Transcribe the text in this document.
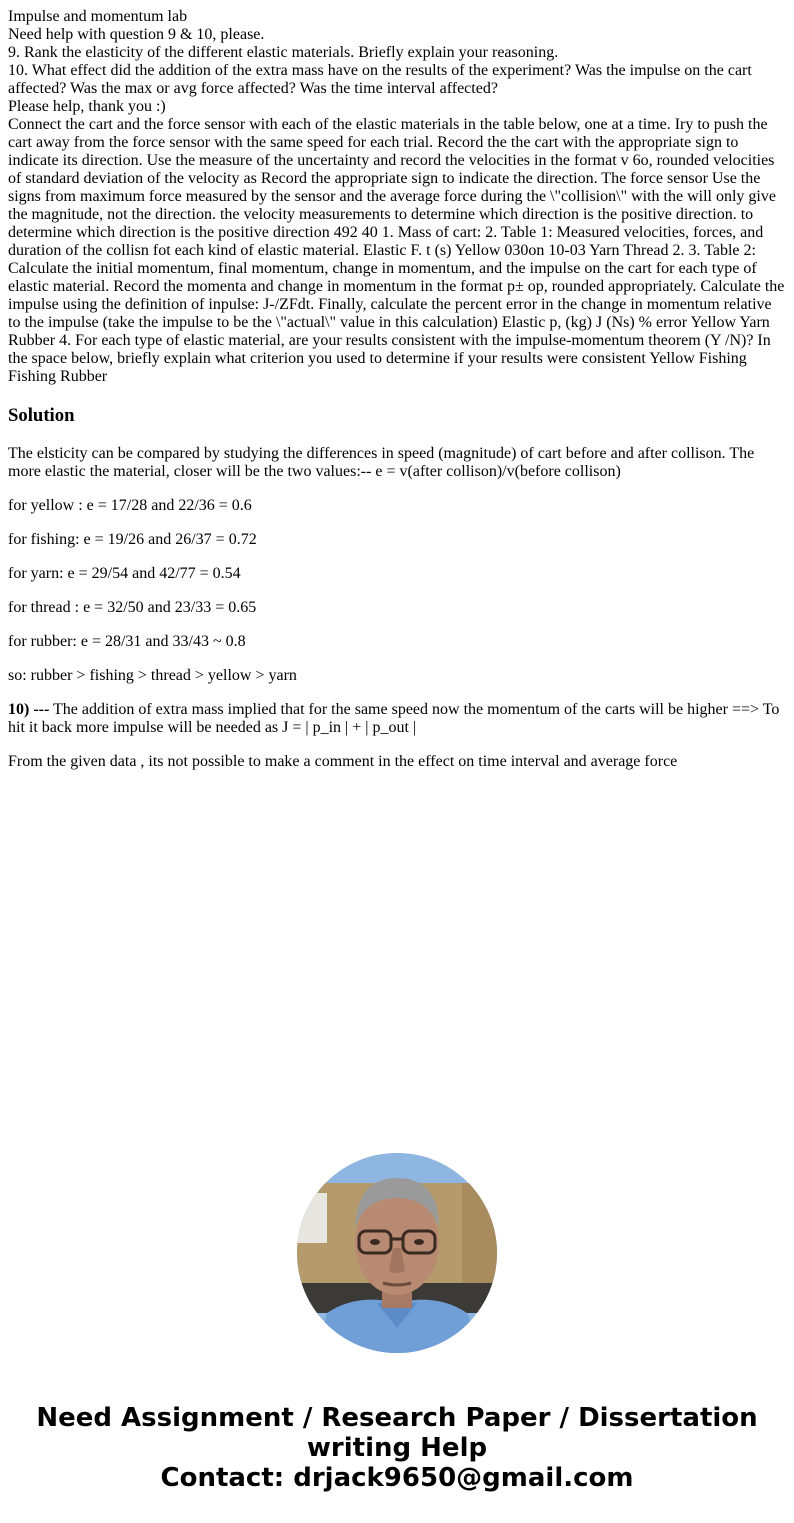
Impulse and momentum lab
Need help with question 9 & 10, please.
9. Rank the elasticity of the different elastic materials. Briefly explain your reasoning.
10. What effect did the addition of the extra mass have on the results of the experiment? Was the impulse on the cart affected? Was the max or avg force affected? Was the time interval affected?
Please help, thank you :)
Connect the cart and the force sensor with each of the elastic materials in the table below, one at a time. Iry to push the cart away from the force sensor with the same speed for each trial. Record the the cart with the appropriate sign to indicate its direction. Use the measure of the uncertainty and record the velocities in the format v 6o, rounded velocities of standard deviation of the velocity as Record the appropriate sign to indicate the direction. The force sensor Use the signs from maximum force measured by the sensor and the average force during the \"collision\" with the will only give the magnitude, not the direction. the velocity measurements to determine which direction is the positive direction. to determine which direction is the positive direction 492 40 1. Mass of cart: 2. Table 1: Measured velocities, forces, and duration of the collisn fot each kind of elastic material. Elastic F. t (s) Yellow 030on 10-03 Yarn Thread 2. 3. Table 2: Calculate the initial momentum, final momentum, change in momentum, and the impulse on the cart for each type of elastic material. Record the momenta and change in momentum in the format p± op, rounded appropriately. Calculate the impulse using the definition of inpulse: J-/ZFdt. Finally, calculate the percent error in the change in momentum relative to the impulse (take the impulse to be the \"actual\" value in this calculation) Elastic p, (kg) J (Ns) % error Yellow Yarn Rubber 4. For each type of elastic material, are your results consistent with the impulse-momentum theorem (Y /N)? In the space below, briefly explain what criterion you used to determine if your results were consistent Yellow Fishing Fishing Rubber
Solution

The elsticity can be compared by studying the differences in speed (magnitude) of cart before and after collison. The more elastic the material, closer will be the two values:-- e = v(after collison)/v(before collison)

for yellow : e = 17/28 and 22/36 = 0.6

for fishing: e = 19/26 and 26/37 = 0.72

for yarn: e = 29/54 and 42/77 = 0.54

for thread : e = 32/50 and 23/33 = 0.65

for rubber: e = 28/31 and 33/43 ~ 0.8

so: rubber > fishing > thread > yellow > yarn

10) --- The addition of extra mass implied that for the same speed now the momentum of the carts will be higher ==> To hit it back more impulse will be needed as J = | p_in | + | p_out |

From the given data , its not possible to make a comment in the effect on time interval and average force

Need Assignment / Research Paper / Dissertation
writing Help
Contact: drjack9650@gmail.com
